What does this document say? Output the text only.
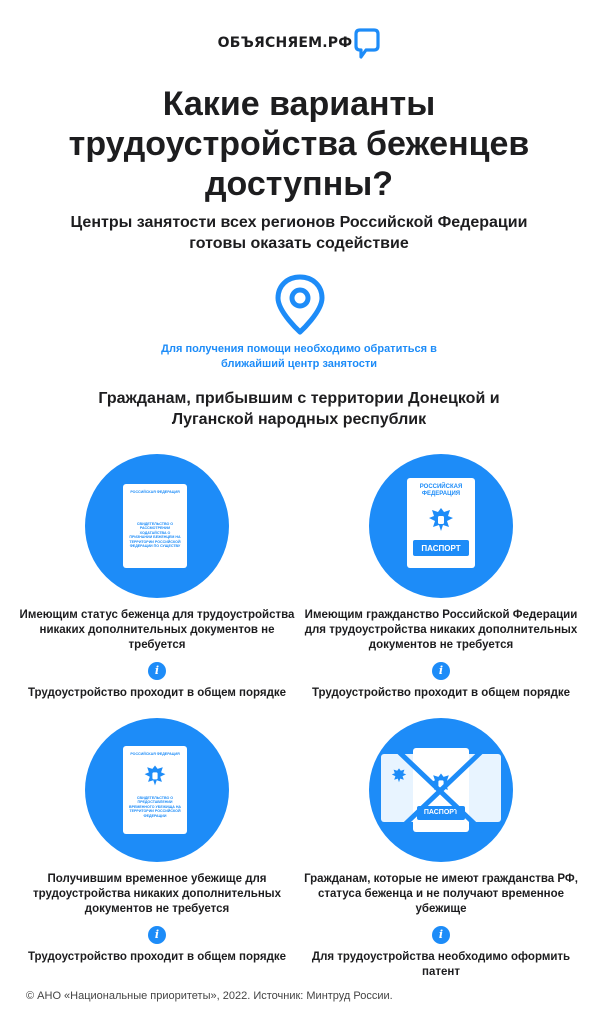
ОБЪЯСНЯЕМ.РФ
Какие варианты трудоустройства беженцев доступны?
Центры занятости всех регионов Российской Федерации готовы оказать содействие
Для получения помощи необходимо обратиться в ближайший центр занятости
Гражданам, прибывшим с территории Донецкой и Луганской народных республик
РОССИЙСКАЯ ФЕДЕРАЦИЯ
СВИДЕТЕЛЬСТВО О РАССМОТРЕНИИ ХОДАТАЙСТВА О ПРИЗНАНИИ БЕЖЕНЦЕМ НА ТЕРРИТОРИИ РОССИЙСКОЙ ФЕДЕРАЦИИ ПО СУЩЕСТВУ
Имеющим статус беженца для трудоустройства никаких дополнительных документов не требуется
i
Трудоустройство проходит в общем порядке
РОССИЙСКАЯ ФЕДЕРАЦИЯ
ПАСПОРТ
Имеющим гражданство Российской Федерации для трудоустройства никаких дополнительных документов не требуется
i
Трудоустройство проходит в общем порядке
РОССИЙСКАЯ ФЕДЕРАЦИЯ
СВИДЕТЕЛЬСТВО О ПРЕДОСТАВЛЕНИИ ВРЕМЕННОГО УБЕЖИЩА НА ТЕРРИТОРИИ РОССИЙСКОЙ ФЕДЕРАЦИИ
Получившим временное убежище для трудоустройства никаких дополнительных документов не требуется
i
Трудоустройство проходит в общем порядке
ПАСПОРТ
Гражданам, которые не имеют гражданства РФ, статуса беженца и не получают временное убежище
i
Для трудоустройства необходимо оформить патент
© АНО «Национальные приоритеты», 2022. Источник: Минтруд России.
